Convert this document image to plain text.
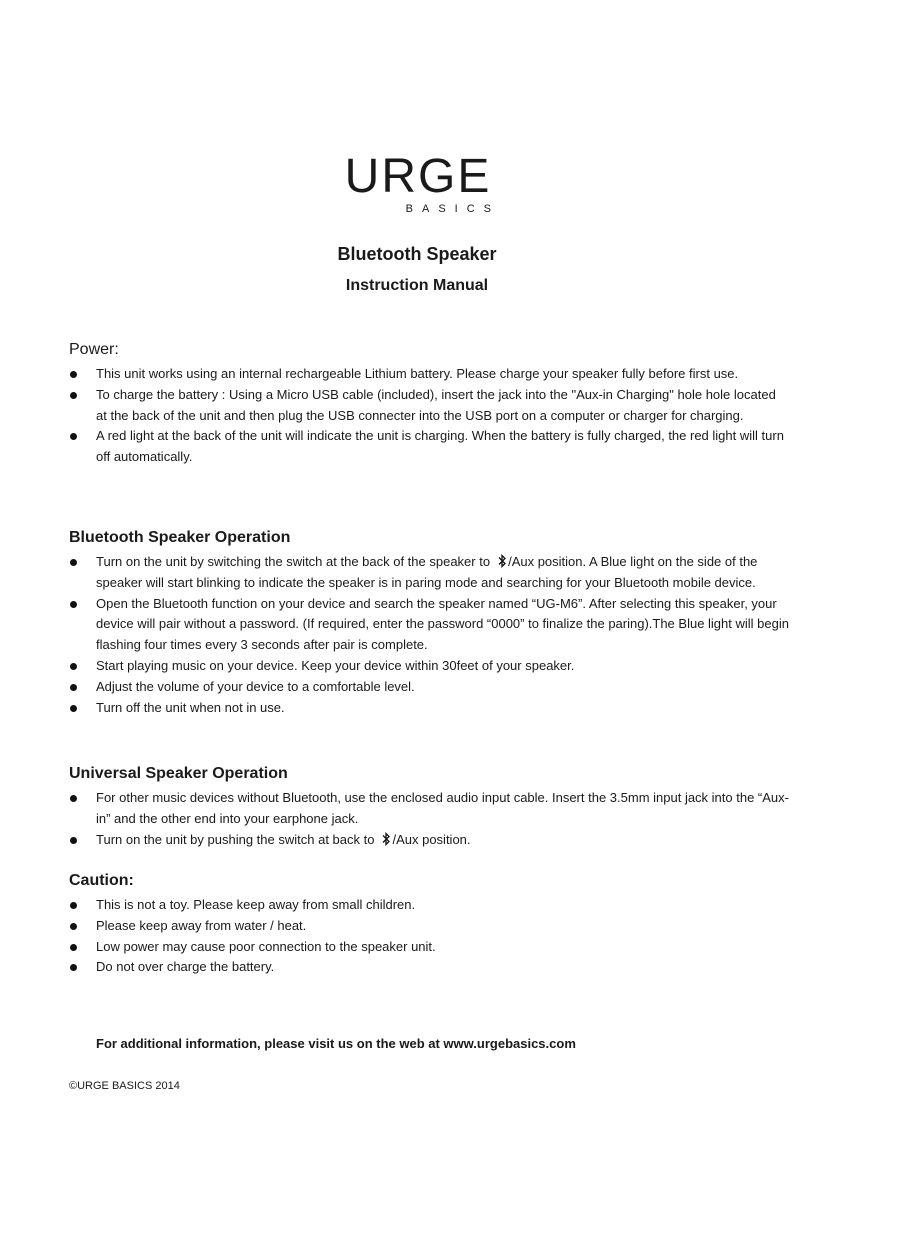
URGE
BASICS
Bluetooth Speaker
Instruction Manual

Power:

This unit works using an internal rechargeable Lithium battery. Please charge your speaker fully before first use.
To charge the battery : Using a Micro USB cable (included), insert the jack into the "Aux-in Charging" hole hole located at the back of the unit and then plug the USB connecter into the USB port on a computer or charger for charging.
A red light at the back of the unit will indicate the unit is charging. When the battery is fully charged, the red light will turn off automatically.

Bluetooth Speaker Operation

Turn on the unit by switching the switch at the back of the speaker to /Aux position. A Blue light on the side of the speaker will start blinking to indicate the speaker is in paring mode and searching for your Bluetooth mobile device.
Open the Bluetooth function on your device and search the speaker named “UG-M6”. After selecting this speaker, your device will pair without a password. (If required, enter the password “0000” to finalize the paring).The Blue light will begin flashing four times every 3 seconds after pair is complete.
Start playing music on your device. Keep your device within 30feet of your speaker.
Adjust the volume of your device to a comfortable level.
Turn off the unit when not in use.

Universal Speaker Operation

For other music devices without Bluetooth, use the enclosed audio input cable. Insert the 3.5mm input jack into the “Aux-in” and the other end into your earphone jack.
Turn on the unit by pushing the switch at back to /Aux position.

Caution:

This is not a toy. Please keep away from small children.
Please keep away from water / heat.
Low power may cause poor connection to the speaker unit.
Do not over charge the battery.

For additional information, please visit us on the web at www.urgebasics.com

©URGE BASICS 2014
